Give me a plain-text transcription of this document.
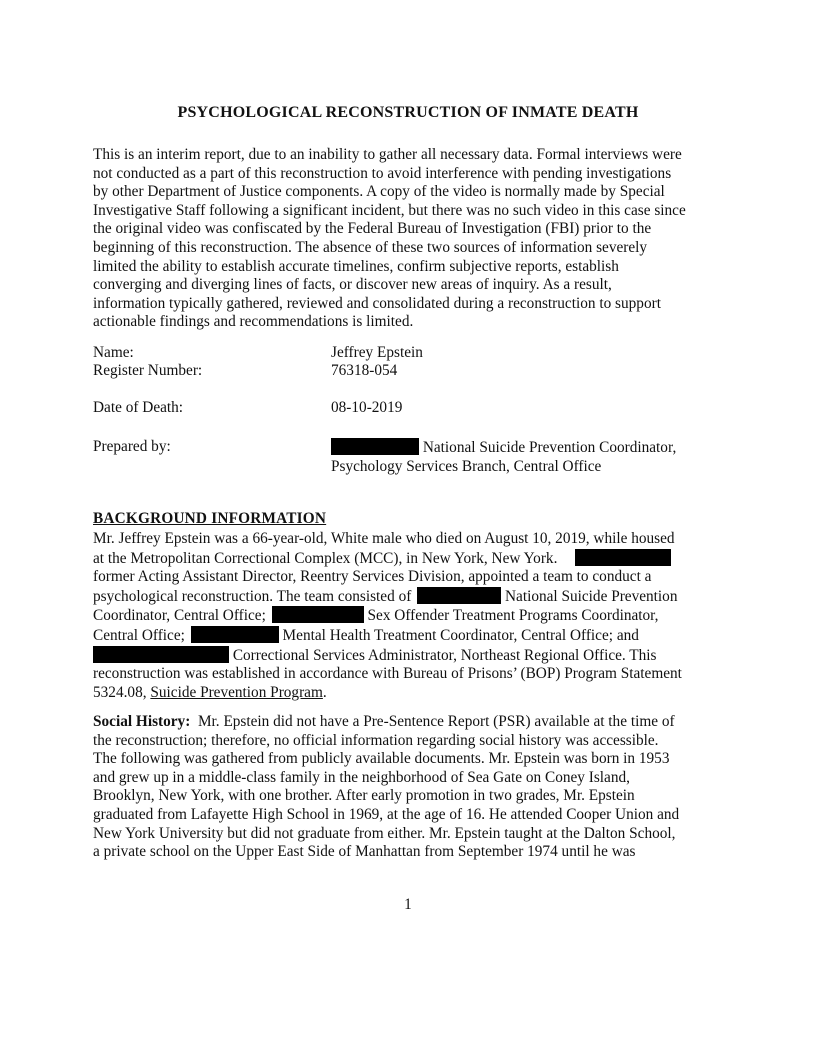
PSYCHOLOGICAL RECONSTRUCTION OF INMATE DEATH
This is an interim report, due to an inability to gather all necessary data. Formal interviews were
not conducted as a part of this reconstruction to avoid interference with pending investigations
by other Department of Justice components. A copy of the video is normally made by Special
Investigative Staff following a significant incident, but there was no such video in this case since
the original video was confiscated by the Federal Bureau of Investigation (FBI) prior to the
beginning of this reconstruction. The absence of these two sources of information severely
limited the ability to establish accurate timelines, confirm subjective reports, establish
converging and diverging lines of facts, or discover new areas of inquiry. As a result,
information typically gathered, reviewed and consolidated during a reconstruction to support
actionable findings and recommendations is limited.
Name:	Jeffrey Epstein
Register Number:	76318-054
Date of Death:	08-10-2019
Prepared by:	National Suicide Prevention Coordinator,
Psychology Services Branch, Central Office
BACKGROUND INFORMATION
Mr. Jeffrey Epstein was a 66-year-old, White male who died on August 10, 2019, while housed
at the Metropolitan Correctional Complex (MCC), in New York, New York.
former Acting Assistant Director, Reentry Services Division, appointed a team to conduct a
psychological reconstruction. The team consisted of	National Suicide Prevention
Coordinator, Central Office;	Sex Offender Treatment Programs Coordinator,
Central Office;	Mental Health Treatment Coordinator, Central Office; and
Correctional Services Administrator, Northeast Regional Office. This
reconstruction was established in accordance with Bureau of Prisons’ (BOP) Program Statement
5324.08, Suicide Prevention Program.
Social History:  Mr. Epstein did not have a Pre-Sentence Report (PSR) available at the time of
the reconstruction; therefore, no official information regarding social history was accessible.
The following was gathered from publicly available documents. Mr. Epstein was born in 1953
and grew up in a middle-class family in the neighborhood of Sea Gate on Coney Island,
Brooklyn, New York, with one brother. After early promotion in two grades, Mr. Epstein
graduated from Lafayette High School in 1969, at the age of 16. He attended Cooper Union and
New York University but did not graduate from either. Mr. Epstein taught at the Dalton School,
a private school on the Upper East Side of Manhattan from September 1974 until he was
1
